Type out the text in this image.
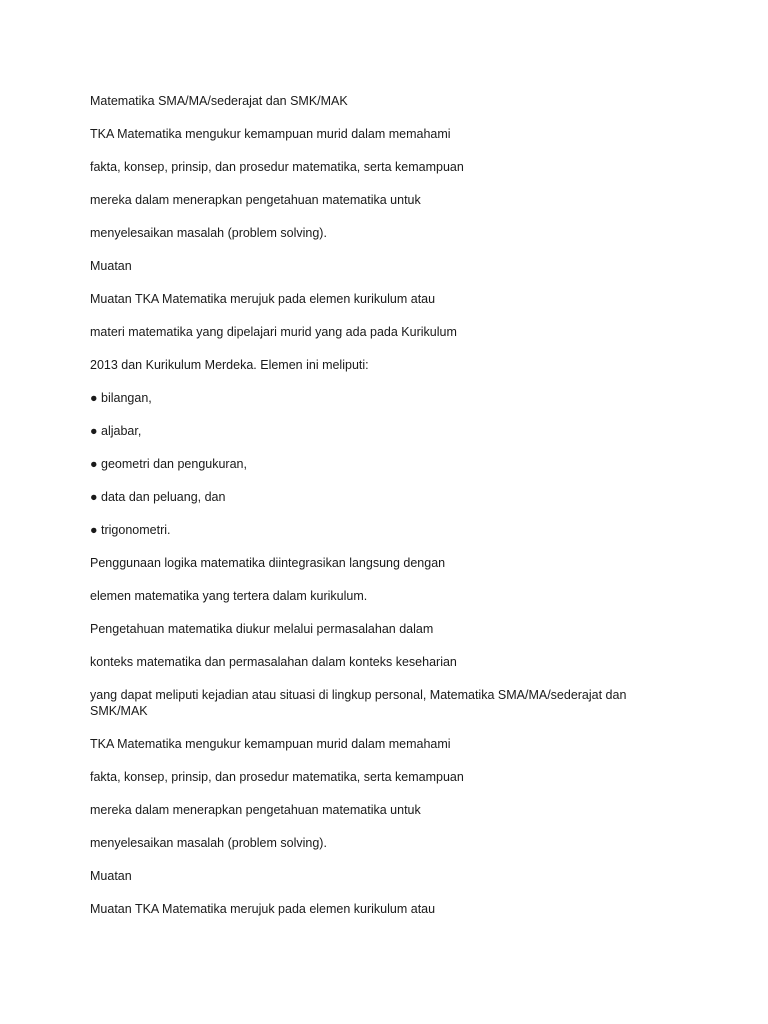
Matematika SMA/MA/sederajat dan SMK/MAK

TKA Matematika mengukur kemampuan murid dalam memahami

fakta, konsep, prinsip, dan prosedur matematika, serta kemampuan

mereka dalam menerapkan pengetahuan matematika untuk

menyelesaikan masalah (problem solving).

Muatan

Muatan TKA Matematika merujuk pada elemen kurikulum atau

materi matematika yang dipelajari murid yang ada pada Kurikulum

2013 dan Kurikulum Merdeka. Elemen ini meliputi:

● bilangan,

● aljabar,

● geometri dan pengukuran,

● data dan peluang, dan

● trigonometri.

Penggunaan logika matematika diintegrasikan langsung dengan

elemen matematika yang tertera dalam kurikulum.

Pengetahuan matematika diukur melalui permasalahan dalam

konteks matematika dan permasalahan dalam konteks keseharian

yang dapat meliputi kejadian atau situasi di lingkup personal, Matematika SMA/MA/sederajat dan SMK/MAK

TKA Matematika mengukur kemampuan murid dalam memahami

fakta, konsep, prinsip, dan prosedur matematika, serta kemampuan

mereka dalam menerapkan pengetahuan matematika untuk

menyelesaikan masalah (problem solving).

Muatan

Muatan TKA Matematika merujuk pada elemen kurikulum atau
